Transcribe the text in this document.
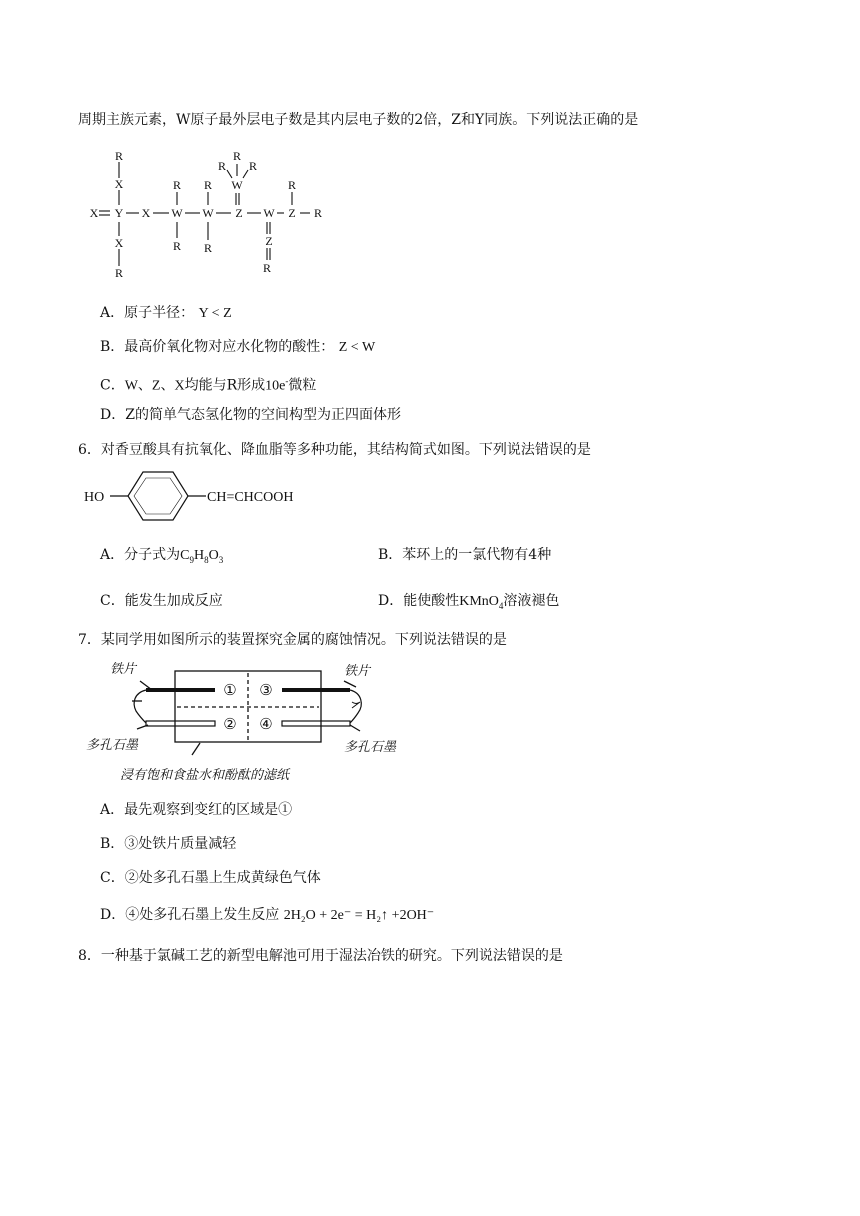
周期主族元素，W原子最外层电子数是其内层电子数的2倍，Z和Y同族。下列说法正确的是
X Y X W W Z W Z R
R
X
X
R
R
R
R
R
R
R R
W
Z
R
R
A．原子半径： Y < Z
B．最高价氧化物对应水化物的酸性： Z < W
C．W、Z、X均能与R形成10e-微粒
D．Z的简单气态氢化物的空间构型为正四面体形
6．对香豆酸具有抗氧化、降血脂等多种功能，其结构简式如图。下列说法错误的是
HO	CH=CHCOOH
A．分子式为$C_9H_8O_3$	B．苯环上的一氯代物有4种
C．能发生加成反应	D．能使酸性KMnO$_4$溶液褪色
7．某同学用如图所示的装置探究金属的腐蚀情况。下列说法错误的是
① ③
② ④
铁片	铁片
多孔石墨	多孔石墨
浸有饱和食盐水和酚酞的滤纸
A．最先观察到变红的区域是①
B．③处铁片质量减轻
C．②处多孔石墨上生成黄绿色气体
D．④处多孔石墨上发生反应 2H₂O + 2e⁻ = H₂↑ +2OH⁻
8．一种基于氯碱工艺的新型电解池可用于湿法冶铁的研究。下列说法错误的是
